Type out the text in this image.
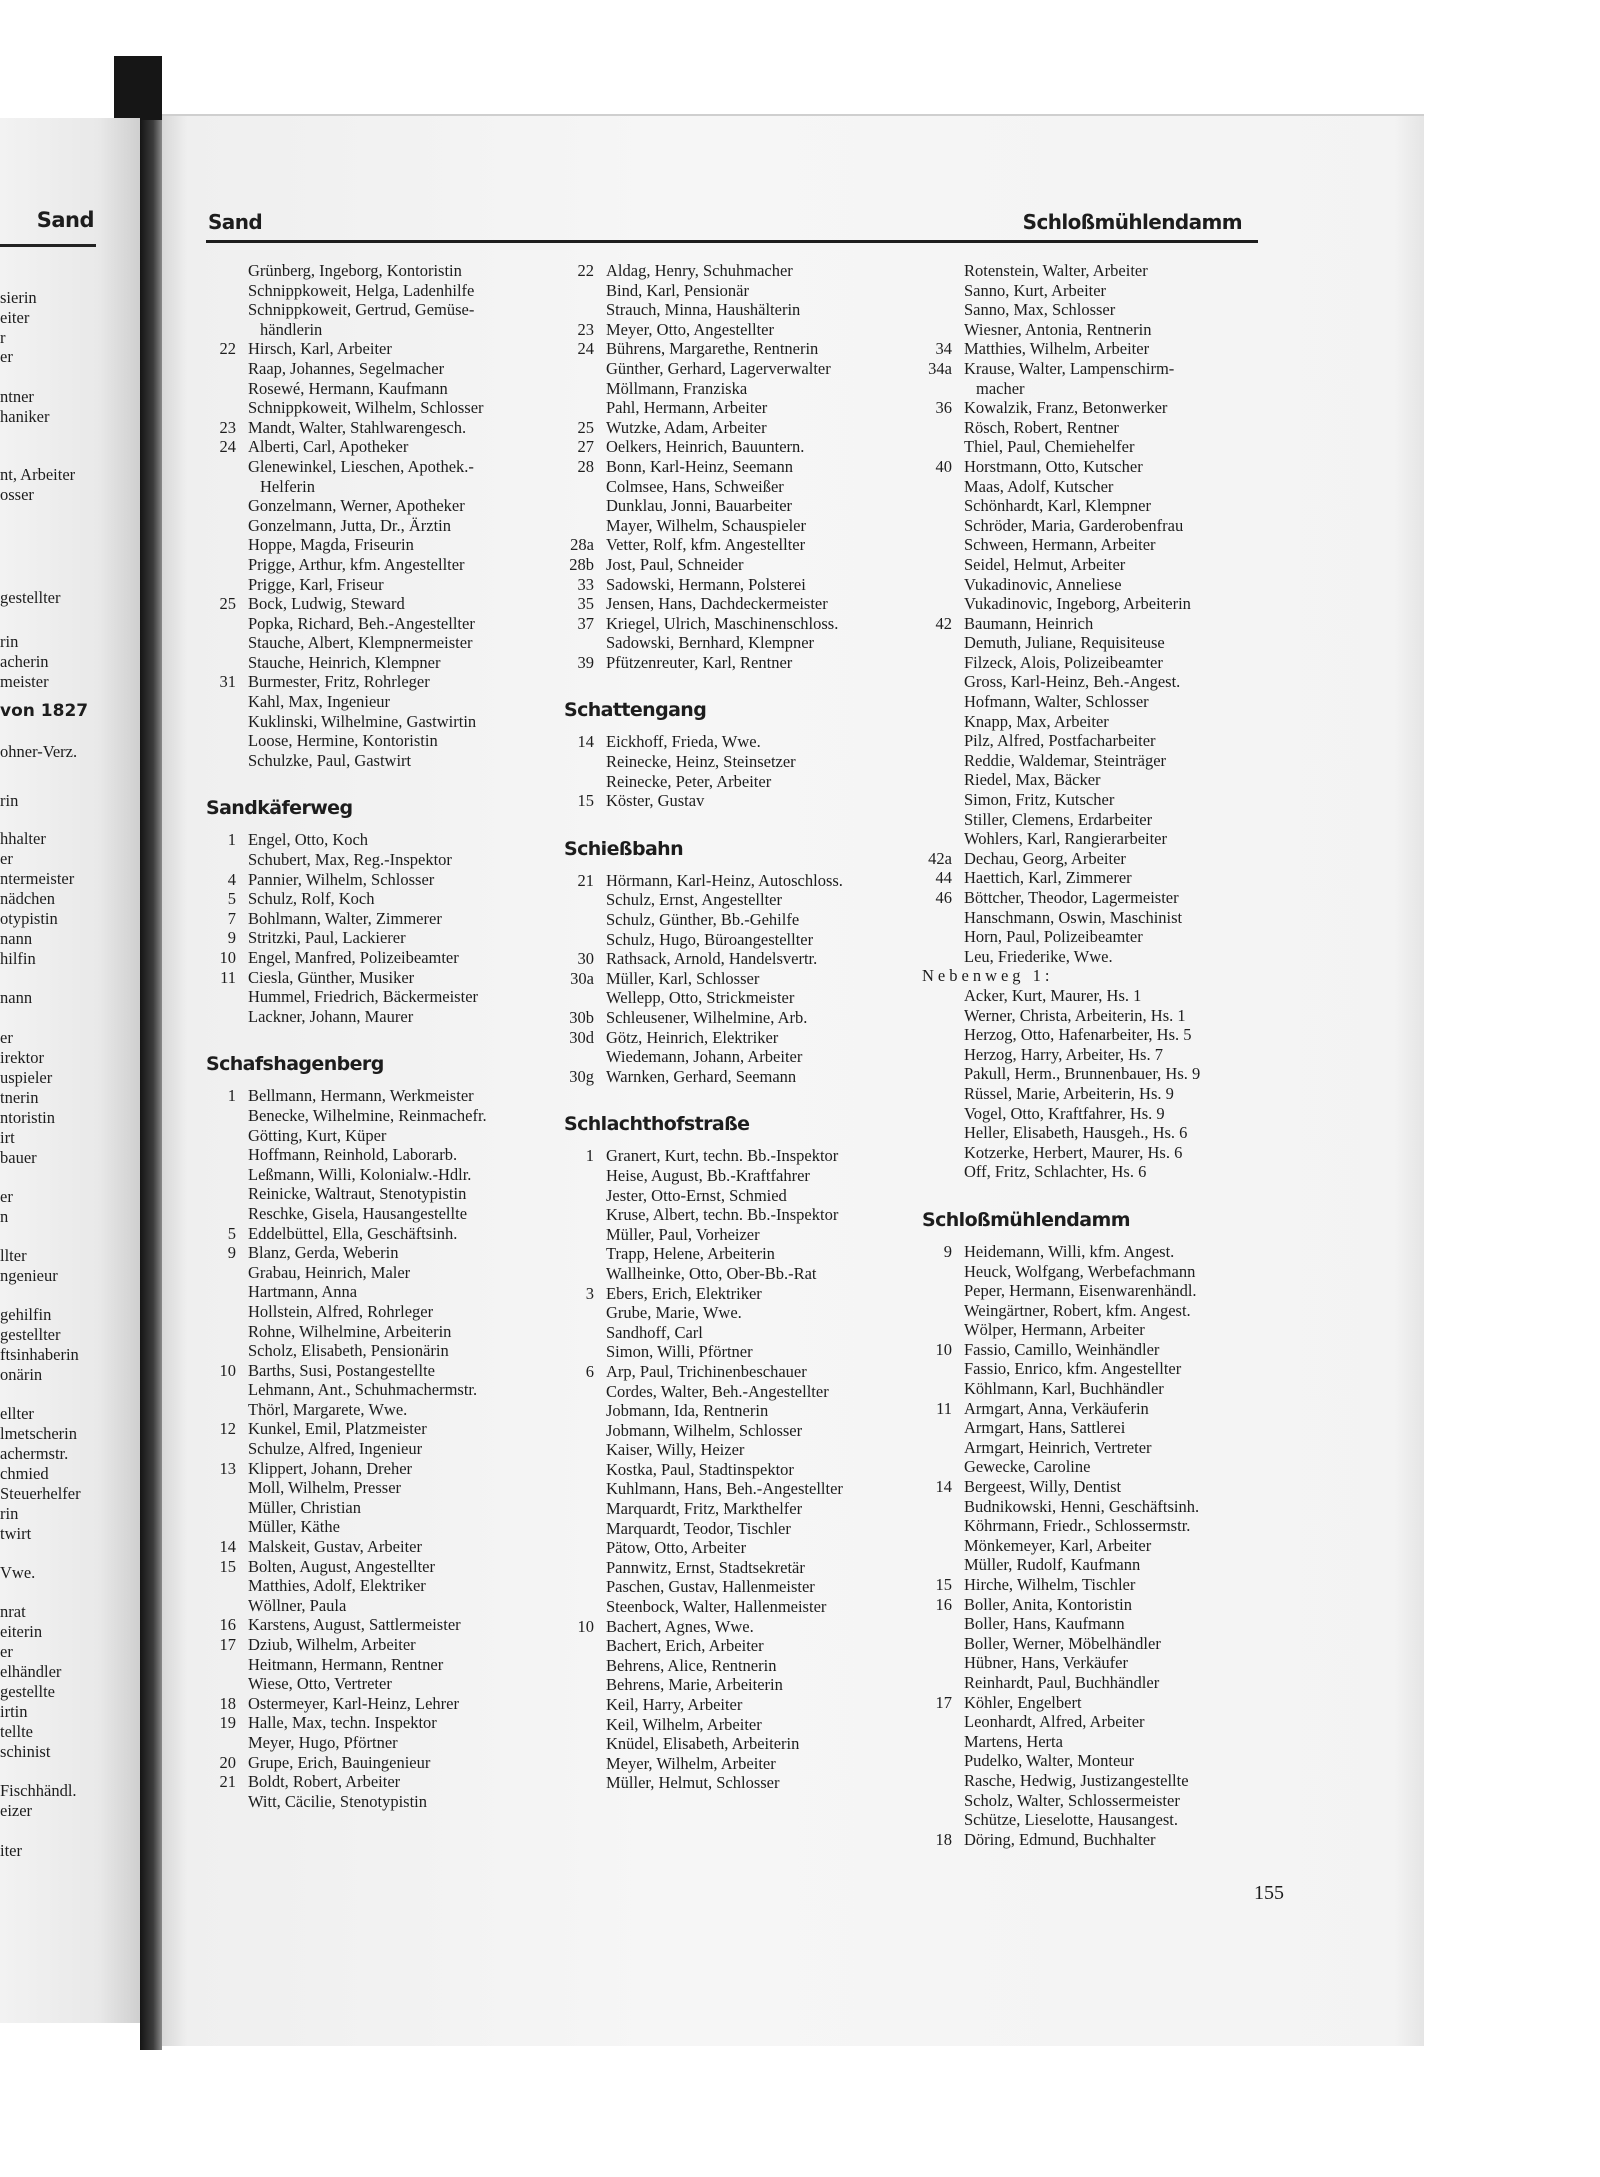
Sand
sierin
eiter
r
er
ntner
haniker
nt, Arbeiter
osser
gestellter
rin
acherin
meister
von 1827
ohner-Verz.
rin
hhalter
er
ntermeister
nädchen
otypistin
nann
hilfin
nann
er
irektor
uspieler
tnerin
ntoristin
irt
bauer
er
n
llter
ngenieur
gehilfin
gestellter
ftsinhaberin
onärin
ellter
lmetscherin
achermstr.
chmied
Steuerhelfer
rin
twirt
Vwe.
nrat
eiterin
er
elhändler
gestellte
irtin
tellte
schinist
Fischhändl.
eizer
iter
Sand	Schloßmühlendamm
Grünberg, Ingeborg, Kontoristin
Schnippkoweit, Helga, Ladenhilfe
Schnippkoweit, Gertrud, Gemüse-
händlerin
22 Hirsch, Karl, Arbeiter
Raap, Johannes, Segelmacher
Rosewé, Hermann, Kaufmann
Schnippkoweit, Wilhelm, Schlosser
23 Mandt, Walter, Stahlwarengesch.
24 Alberti, Carl, Apotheker
Glenewinkel, Lieschen, Apothek.-
Helferin
Gonzelmann, Werner, Apotheker
Gonzelmann, Jutta, Dr., Ärztin
Hoppe, Magda, Friseurin
Prigge, Arthur, kfm. Angestellter
Prigge, Karl, Friseur
25 Bock, Ludwig, Steward
Popka, Richard, Beh.-Angestellter
Stauche, Albert, Klempnermeister
Stauche, Heinrich, Klempner
31 Burmester, Fritz, Rohrleger
Kahl, Max, Ingenieur
Kuklinski, Wilhelmine, Gastwirtin
Loose, Hermine, Kontoristin
Schulzke, Paul, Gastwirt
Sandkäferweg
1 Engel, Otto, Koch
Schubert, Max, Reg.-Inspektor
4 Pannier, Wilhelm, Schlosser
5 Schulz, Rolf, Koch
7 Bohlmann, Walter, Zimmerer
9 Stritzki, Paul, Lackierer
10 Engel, Manfred, Polizeibeamter
11 Ciesla, Günther, Musiker
Hummel, Friedrich, Bäckermeister
Lackner, Johann, Maurer
Schafshagenberg
1 Bellmann, Hermann, Werkmeister
Benecke, Wilhelmine, Reinmachefr.
Götting, Kurt, Küper
Hoffmann, Reinhold, Laborarb.
Leßmann, Willi, Kolonialw.-Hdlr.
Reinicke, Waltraut, Stenotypistin
Reschke, Gisela, Hausangestellte
5 Eddelbüttel, Ella, Geschäftsinh.
9 Blanz, Gerda, Weberin
Grabau, Heinrich, Maler
Hartmann, Anna
Hollstein, Alfred, Rohrleger
Rohne, Wilhelmine, Arbeiterin
Scholz, Elisabeth, Pensionärin
10 Barths, Susi, Postangestellte
Lehmann, Ant., Schuhmachermstr.
Thörl, Margarete, Wwe.
12 Kunkel, Emil, Platzmeister
Schulze, Alfred, Ingenieur
13 Klippert, Johann, Dreher
Moll, Wilhelm, Presser
Müller, Christian
Müller, Käthe
14 Malskeit, Gustav, Arbeiter
15 Bolten, August, Angestellter
Matthies, Adolf, Elektriker
Wöllner, Paula
16 Karstens, August, Sattlermeister
17 Dziub, Wilhelm, Arbeiter
Heitmann, Hermann, Rentner
Wiese, Otto, Vertreter
18 Ostermeyer, Karl-Heinz, Lehrer
19 Halle, Max, techn. Inspektor
Meyer, Hugo, Pförtner
20 Grupe, Erich, Bauingenieur
21 Boldt, Robert, Arbeiter
Witt, Cäcilie, Stenotypistin
22 Aldag, Henry, Schuhmacher
Bind, Karl, Pensionär
Strauch, Minna, Haushälterin
23 Meyer, Otto, Angestellter
24 Bührens, Margarethe, Rentnerin
Günther, Gerhard, Lagerverwalter
Möllmann, Franziska
Pahl, Hermann, Arbeiter
25 Wutzke, Adam, Arbeiter
27 Oelkers, Heinrich, Bauuntern.
28 Bonn, Karl-Heinz, Seemann
Colmsee, Hans, Schweißer
Dunklau, Jonni, Bauarbeiter
Mayer, Wilhelm, Schauspieler
28a Vetter, Rolf, kfm. Angestellter
28b Jost, Paul, Schneider
33 Sadowski, Hermann, Polsterei
35 Jensen, Hans, Dachdeckermeister
37 Kriegel, Ulrich, Maschinenschloss.
Sadowski, Bernhard, Klempner
39 Pfützenreuter, Karl, Rentner
Schattengang
14 Eickhoff, Frieda, Wwe.
Reinecke, Heinz, Steinsetzer
Reinecke, Peter, Arbeiter
15 Köster, Gustav
Schießbahn
21 Hörmann, Karl-Heinz, Autoschloss.
Schulz, Ernst, Angestellter
Schulz, Günther, Bb.-Gehilfe
Schulz, Hugo, Büroangestellter
30 Rathsack, Arnold, Handelsvertr.
30a Müller, Karl, Schlosser
Wellepp, Otto, Strickmeister
30b Schleusener, Wilhelmine, Arb.
30d Götz, Heinrich, Elektriker
Wiedemann, Johann, Arbeiter
30g Warnken, Gerhard, Seemann
Schlachthofstraße
1 Granert, Kurt, techn. Bb.-Inspektor
Heise, August, Bb.-Kraftfahrer
Jester, Otto-Ernst, Schmied
Kruse, Albert, techn. Bb.-Inspektor
Müller, Paul, Vorheizer
Trapp, Helene, Arbeiterin
Wallheinke, Otto, Ober-Bb.-Rat
3 Ebers, Erich, Elektriker
Grube, Marie, Wwe.
Sandhoff, Carl
Simon, Willi, Pförtner
6 Arp, Paul, Trichinenbeschauer
Cordes, Walter, Beh.-Angestellter
Jobmann, Ida, Rentnerin
Jobmann, Wilhelm, Schlosser
Kaiser, Willy, Heizer
Kostka, Paul, Stadtinspektor
Kuhlmann, Hans, Beh.-Angestellter
Marquardt, Fritz, Markthelfer
Marquardt, Teodor, Tischler
Pätow, Otto, Arbeiter
Pannwitz, Ernst, Stadtsekretär
Paschen, Gustav, Hallenmeister
Steenbock, Walter, Hallenmeister
10 Bachert, Agnes, Wwe.
Bachert, Erich, Arbeiter
Behrens, Alice, Rentnerin
Behrens, Marie, Arbeiterin
Keil, Harry, Arbeiter
Keil, Wilhelm, Arbeiter
Knüdel, Elisabeth, Arbeiterin
Meyer, Wilhelm, Arbeiter
Müller, Helmut, Schlosser
Rotenstein, Walter, Arbeiter
Sanno, Kurt, Arbeiter
Sanno, Max, Schlosser
Wiesner, Antonia, Rentnerin
34 Matthies, Wilhelm, Arbeiter
34a Krause, Walter, Lampenschirm-
macher
36 Kowalzik, Franz, Betonwerker
Rösch, Robert, Rentner
Thiel, Paul, Chemiehelfer
40 Horstmann, Otto, Kutscher
Maas, Adolf, Kutscher
Schönhardt, Karl, Klempner
Schröder, Maria, Garderobenfrau
Schween, Hermann, Arbeiter
Seidel, Helmut, Arbeiter
Vukadinovic, Anneliese
Vukadinovic, Ingeborg, Arbeiterin
42 Baumann, Heinrich
Demuth, Juliane, Requisiteuse
Filzeck, Alois, Polizeibeamter
Gross, Karl-Heinz, Beh.-Angest.
Hofmann, Walter, Schlosser
Knapp, Max, Arbeiter
Pilz, Alfred, Postfacharbeiter
Reddie, Waldemar, Steinträger
Riedel, Max, Bäcker
Simon, Fritz, Kutscher
Stiller, Clemens, Erdarbeiter
Wohlers, Karl, Rangierarbeiter
42a Dechau, Georg, Arbeiter
44 Haettich, Karl, Zimmerer
46 Böttcher, Theodor, Lagermeister
Hanschmann, Oswin, Maschinist
Horn, Paul, Polizeibeamter
Leu, Friederike, Wwe.
Nebenweg 1:
Acker, Kurt, Maurer, Hs. 1
Werner, Christa, Arbeiterin, Hs. 1
Herzog, Otto, Hafenarbeiter, Hs. 5
Herzog, Harry, Arbeiter, Hs. 7
Pakull, Herm., Brunnenbauer, Hs. 9
Rüssel, Marie, Arbeiterin, Hs. 9
Vogel, Otto, Kraftfahrer, Hs. 9
Heller, Elisabeth, Hausgeh., Hs. 6
Kotzerke, Herbert, Maurer, Hs. 6
Off, Fritz, Schlachter, Hs. 6
Schloßmühlendamm
9 Heidemann, Willi, kfm. Angest.
Heuck, Wolfgang, Werbefachmann
Peper, Hermann, Eisenwarenhändl.
Weingärtner, Robert, kfm. Angest.
Wölper, Hermann, Arbeiter
10 Fassio, Camillo, Weinhändler
Fassio, Enrico, kfm. Angestellter
Köhlmann, Karl, Buchhändler
11 Armgart, Anna, Verkäuferin
Armgart, Hans, Sattlerei
Armgart, Heinrich, Vertreter
Gewecke, Caroline
14 Bergeest, Willy, Dentist
Budnikowski, Henni, Geschäftsinh.
Köhrmann, Friedr., Schlossermstr.
Mönkemeyer, Karl, Arbeiter
Müller, Rudolf, Kaufmann
15 Hirche, Wilhelm, Tischler
16 Boller, Anita, Kontoristin
Boller, Hans, Kaufmann
Boller, Werner, Möbelhändler
Hübner, Hans, Verkäufer
Reinhardt, Paul, Buchhändler
17 Köhler, Engelbert
Leonhardt, Alfred, Arbeiter
Martens, Herta
Pudelko, Walter, Monteur
Rasche, Hedwig, Justizangestellte
Scholz, Walter, Schlossermeister
Schütze, Lieselotte, Hausangest.
18 Döring, Edmund, Buchhalter
155
